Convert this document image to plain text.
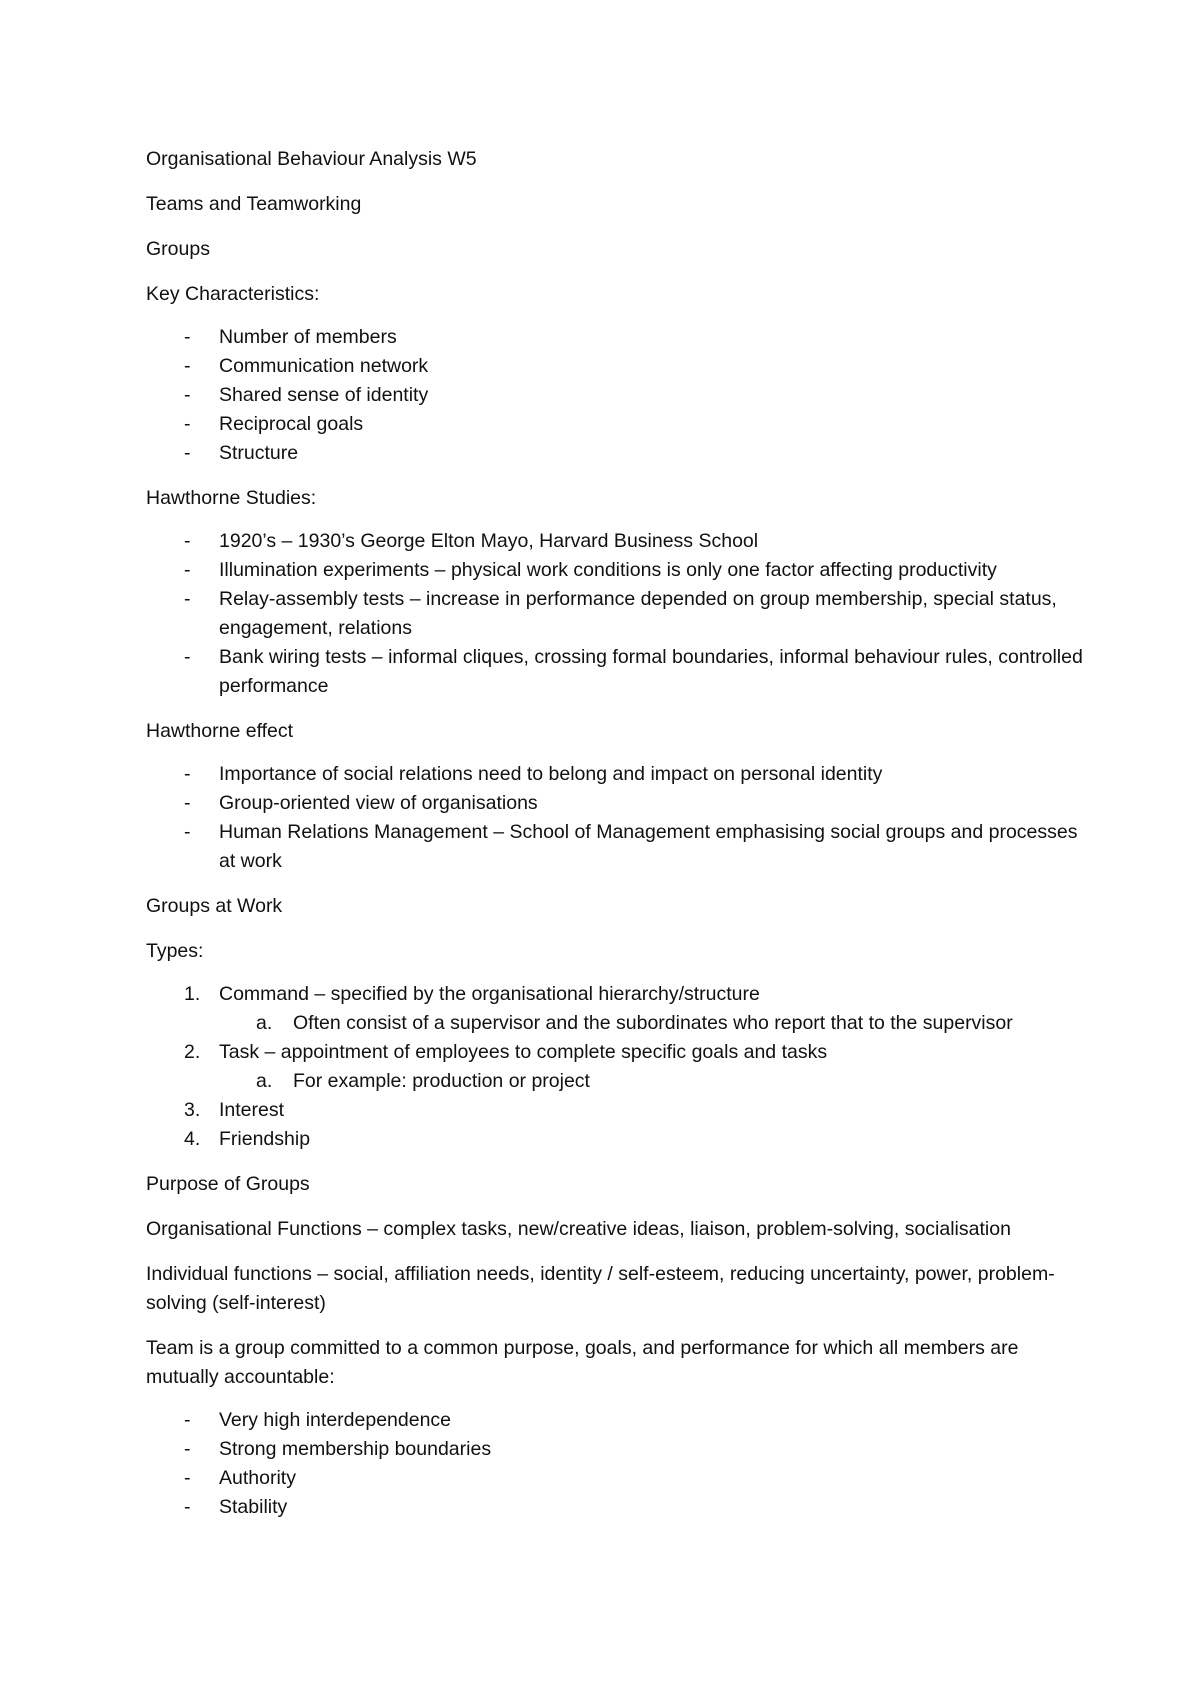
Organisational Behaviour Analysis W5

Teams and Teamworking

Groups

Key Characteristics:

- Number of members
- Communication network
- Shared sense of identity
- Reciprocal goals
- Structure

Hawthorne Studies:

- 1920’s – 1930’s George Elton Mayo, Harvard Business School
- Illumination experiments – physical work conditions is only one factor affecting productivity
- Relay-assembly tests – increase in performance depended on group membership, special status, engagement, relations
- Bank wiring tests – informal cliques, crossing formal boundaries, informal behaviour rules, controlled performance

Hawthorne effect

- Importance of social relations need to belong and impact on personal identity
- Group-oriented view of organisations
- Human Relations Management – School of Management emphasising social groups and processes at work

Groups at Work

Types:

1. Command – specified by the organisational hierarchy/structure
a. Often consist of a supervisor and the subordinates who report that to the supervisor
2. Task – appointment of employees to complete specific goals and tasks
a. For example: production or project
3. Interest
4. Friendship

Purpose of Groups

Organisational Functions – complex tasks, new/creative ideas, liaison, problem-solving, socialisation

Individual functions – social, affiliation needs, identity / self-esteem, reducing uncertainty, power, problem-solving (self-interest)

Team is a group committed to a common purpose, goals, and performance for which all members are mutually accountable:

- Very high interdependence
- Strong membership boundaries
- Authority
- Stability
